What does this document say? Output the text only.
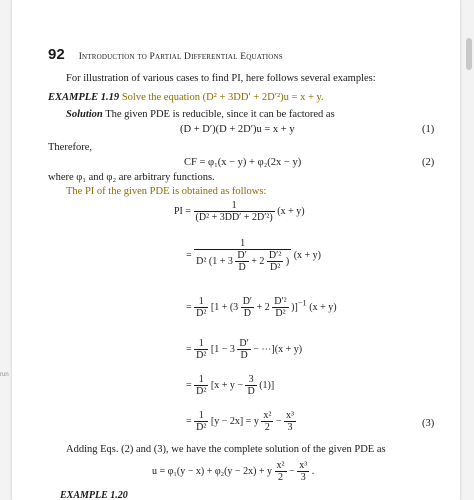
run
92 Introduction to Partial Differential Equations
For illustration of various cases to find PI, here follows several examples:
EXAMPLE 1.19 Solve the equation (D² + 3DD′ + 2D′²)u = x + y.
Solution The given PDE is reducible, since it can be factored as
(D + D′)(D + 2D′)u = x + y	(1)
Therefore,
CF = φ₁(x − y) + φ₂(2x − y)	(2)
where φ₁ and φ₂ are arbitrary functions.
The PI of the given PDE is obtained as follows:
PI = $\frac{1}{\text{(D² + 3DD′ + 2D′²)}} (x + y)$
=
1
D² ($1 + 3 \frac{D'}{D} + 2 \frac{\text{D′²}}{\text{D²}}$ )
(x + y)
= $\frac{1}{\text{D²}} [1 + (3 \frac{D'}{D} + 2 \frac{\text{D′²}}{\text{D²}} )]^{-1}$ (x + y)
= $\frac{1}{\text{D²}} [1 - 3 \frac{D'}{D}$ − ⋯](x + y)
= $\frac{1}{\text{D²}} [x + y - \frac{3}{D} (1)]$
= $\frac{1}{\text{D²}} [y - 2x] = y \frac{\text{x²}}{2} - \frac{\text{x³}}{3}$	(3)
Adding Eqs. (2) and (3), we have the complete solution of the given PDE as
u = φ₁(y − x) + φ₂(y − 2x) + y $\frac{\text{x²}}{2} - \frac{\text{x³}}{3}$ .
EXAMPLE 1.20
